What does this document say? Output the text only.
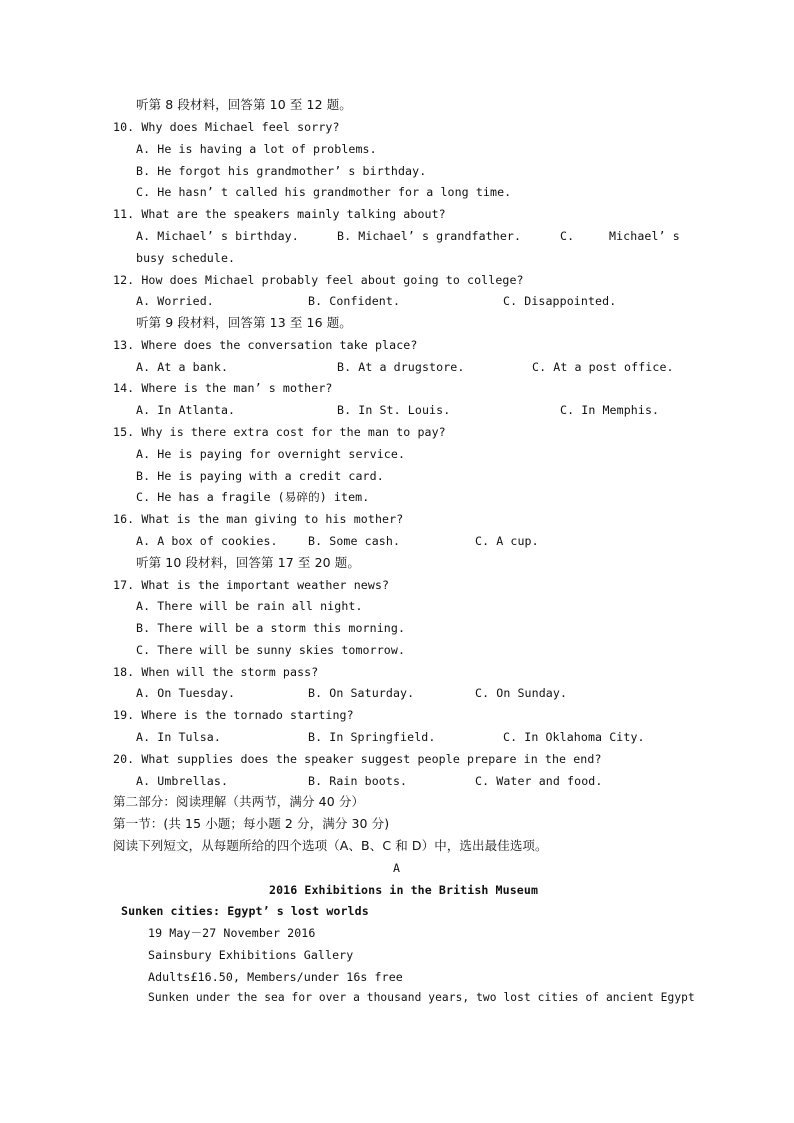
听第 8 段材料，回答第 10 至 12 题。
10. Why does Michael feel sorry?
A. He is having a lot of problems.
B. He forgot his grandmother’ s birthday.
C. He hasn’ t called his grandmother for a long time.
11. What are the speakers mainly talking about?
A. Michael’ s birthday.	B. Michael’ s grandfather.	C.	Michael’ s
busy schedule.
12. How does Michael probably feel about going to college?
A. Worried.	B. Confident.	C. Disappointed.
听第 9 段材料，回答第 13 至 16 题。
13. Where does the conversation take place?
A. At a bank.	B. At a drugstore.	C. At a post office.
14. Where is the man’ s mother?
A. In Atlanta.	B. In St. Louis.	C. In Memphis.
15. Why is there extra cost for the man to pay?
A. He is paying for overnight service.
B. He is paying with a credit card.
C. He has a fragile (易碎的) item.
16. What is the man giving to his mother?
A. A box of cookies.	B. Some cash.	C. A cup.
听第 10 段材料，回答第 17 至 20 题。
17. What is the important weather news?
A. There will be rain all night.
B. There will be a storm this morning.
C. There will be sunny skies tomorrow.
18. When will the storm pass?
A. On Tuesday.	B. On Saturday.	C. On Sunday.
19. Where is the tornado starting?
A. In Tulsa.	B. In Springfield.	C. In Oklahoma City.
20. What supplies does the speaker suggest people prepare in the end?
A. Umbrellas.	B. Rain boots.	C. Water and food.
第二部分：阅读理解（共两节，满分 40 分）
第一节：(共 15 小题；每小题 2 分，满分 30 分)
阅读下列短文，从每题所给的四个选项（A、B、C 和 D）中，选出最佳选项。
A
2016 Exhibitions in the British Museum
Sunken cities: Egypt’ s lost worlds
19 May－27 November 2016
Sainsbury Exhibitions Gallery
Adults£16.50, Members/under 16s free
Sunken under the sea for over a thousand years, two lost cities of ancient Egypt
